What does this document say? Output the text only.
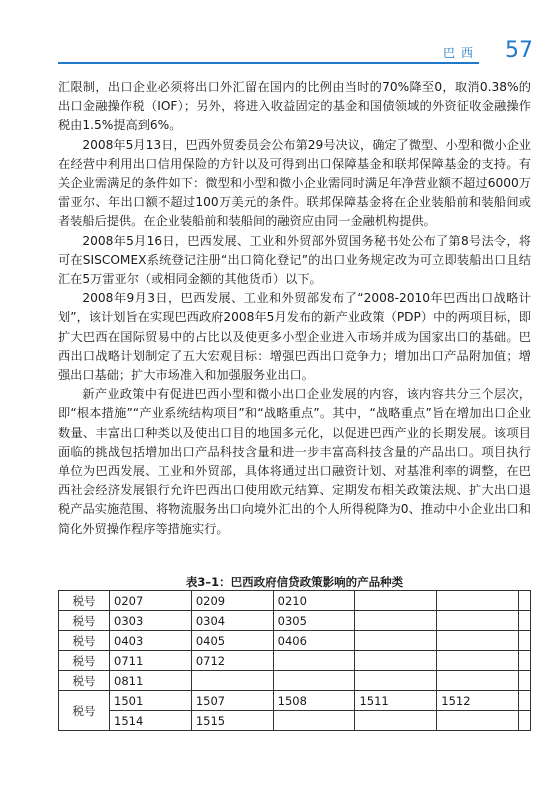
巴西 57

汇限制，出口企业必须将出口外汇留在国内的比例由当时的70%降至0，取消0.38%的出口金融操作税（IOF）；另外，将进入收益固定的基金和国债领域的外资征收金融操作税由1.5%提高到6%。

2008年5月13日，巴西外贸委员会公布第29号决议，确定了微型、小型和微小企业在经营中利用出口信用保险的方针以及可得到出口保障基金和联邦保障基金的支持。有关企业需满足的条件如下：微型和小型和微小企业需同时满足年净营业额不超过6000万雷亚尔、年出口额不超过100万美元的条件。联邦保障基金将在企业装船前和装船间或者装船后提供。在企业装船前和装船间的融资应由同一金融机构提供。

2008年5月16日，巴西发展、工业和外贸部外贸国务秘书处公布了第8号法令，将可在SISCOMEX系统登记注册“出口简化登记”的出口业务规定改为可立即装船出口且结汇在5万雷亚尔（或相同金额的其他货币）以下。

2008年9月3日，巴西发展、工业和外贸部发布了“2008-2010年巴西出口战略计划”，该计划旨在实现巴西政府2008年5月发布的新产业政策（PDP）中的两项目标，即扩大巴西在国际贸易中的占比以及使更多小型企业进入市场并成为国家出口的基础。巴西出口战略计划制定了五大宏观目标：增强巴西出口竞争力；增加出口产品附加值；增强出口基础；扩大市场准入和加强服务业出口。

新产业政策中有促进巴西小型和微小出口企业发展的内容，该内容共分三个层次，即“根本措施”“产业系统结构项目”和“战略重点”。其中，“战略重点”旨在增加出口企业数量、丰富出口种类以及使出口目的地国多元化，以促进巴西产业的长期发展。该项目面临的挑战包括增加出口产品科技含量和进一步丰富高科技含量的产品出口。项目执行单位为巴西发展、工业和外贸部，具体将通过出口融资计划、对基准利率的调整，在巴西社会经济发展银行允许巴西出口使用欧元结算、定期发布相关政策法规、扩大出口退税产品实施范围、将物流服务出口向境外汇出的个人所得税降为0、推动中小企业出口和简化外贸操作程序等措施实行。

表3–1：巴西政府信贷政策影响的产品种类
税号	0207	0209	0210			
税号	0303	0304	0305			
税号	0403	0405	0406			
税号	0711	0712				
税号	0811					
税号	1501	1507	1508	1511	1512	
	1514	1515				
